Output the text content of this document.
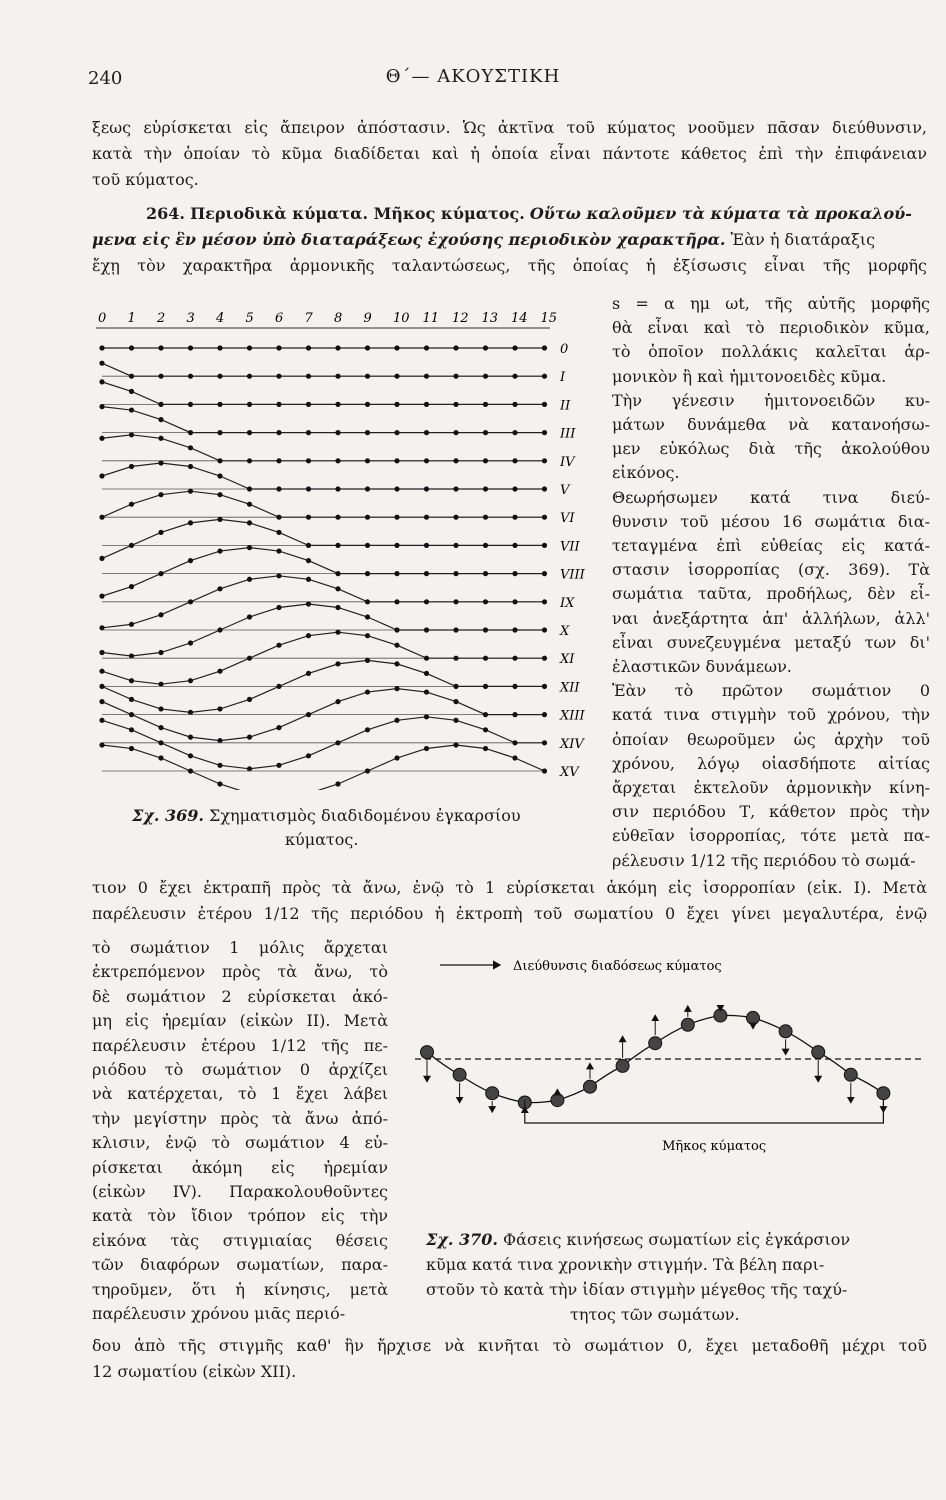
240	Θ΄— ΑΚΟΥΣΤΙΚΗ
ξεως εὑρίσκεται εἰς ἄπειρον ἀπόστασιν. Ὡς ἀκτῖνα τοῦ κύματος νοοῦμεν πᾶσαν διεύθυνσιν,
κατὰ τὴν ὁποίαν τὸ κῦμα διαδίδεται καὶ ἡ ὁποία εἶναι πάντοτε κάθετος ἐπὶ τὴν ἐπιφάνειαν
τοῦ κύματος.
264. Περιοδικὰ κύματα. Μῆκος κύματος. Οὕτω καλοῦμεν τὰ κύματα τὰ προκαλού-
μενα εἰς ἓν μέσον ὑπὸ διαταράξεως ἐχούσης περιοδικὸν χαρακτῆρα. Ἐὰν ἡ διατάραξις
ἔχῃ τὸν χαρακτῆρα ἁρμονικῆς ταλαντώσεως, τῆς ὁποίας ἡ ἐξίσωσις εἶναι τῆς μορφῆς
s = α ημ ωt, τῆς αὐτῆς μορφῆς
θὰ εἶναι καὶ τὸ περιοδικὸν κῦμα,
τὸ ὁποῖον πολλάκις καλεῖται ἁρ-
μονικὸν ἢ καὶ ἡμιτονοειδὲς κῦμα.
Τὴν γένεσιν ἡμιτονοειδῶν κυ-
μάτων δυνάμεθα νὰ κατανοήσω-
μεν εὐκόλως διὰ τῆς ἀκολούθου
εἰκόνος.
Θεωρήσωμεν κατά τινα διεύ-
θυνσιν τοῦ μέσου 16 σωμάτια δια-
τεταγμένα ἐπὶ εὐθείας εἰς κατά-
στασιν ἰσορροπίας (σχ. 369). Τὰ
σωμάτια ταῦτα, προδήλως, δὲν εἶ-
ναι ἀνεξάρτητα ἀπ' ἀλλήλων, ἀλλ'
εἶναι συνεζευγμένα μεταξύ των δι'
ἐλαστικῶν δυνάμεων.
Ἐὰν τὸ πρῶτον σωμάτιον 0
κατά τινα στιγμὴν τοῦ χρόνου, τὴν
ὁποίαν θεωροῦμεν ὡς ἀρχὴν τοῦ
χρόνου, λόγῳ οἱασδήποτε αἰτίας
ἄρχεται ἐκτελοῦν ἁρμονικὴν κίνη-
σιν περιόδου Τ, κάθετον πρὸς τὴν
εὐθεῖαν ἰσορροπίας, τότε μετὰ πα-
ρέλευσιν 1/12 τῆς περιόδου τὸ σωμά-
0 1 2 3 4 5 6 7 8 9 10 11 12 13 14 15
0
I
II
III
IV
V
VI
VII
VIII
IX
X
XI
XII
XIII
XIV
XV
Σχ. 369. Σχηματισμὸς διαδιδομένου ἐγκαρσίου
κύματος.
τιον 0 ἔχει ἐκτραπῆ πρὸς τὰ ἄνω, ἐνῷ τὸ 1 εὑρίσκεται ἀκόμη εἰς ἰσορροπίαν (εἰκ. I). Μετὰ
παρέλευσιν ἑτέρου 1/12 τῆς περιόδου ἡ ἐκτροπὴ τοῦ σωματίου 0 ἔχει γίνει μεγαλυτέρα, ἐνῷ
τὸ σωμάτιον 1 μόλις ἄρχεται
ἐκτρεπόμενον πρὸς τὰ ἄνω, τὸ
δὲ σωμάτιον 2 εὑρίσκεται ἀκό-
μη εἰς ἠρεμίαν (εἰκὼν II). Μετὰ
παρέλευσιν ἑτέρου 1/12 τῆς πε-
ριόδου τὸ σωμάτιον 0 ἀρχίζει
νὰ κατέρχεται, τὸ 1 ἔχει λάβει
τὴν μεγίστην πρὸς τὰ ἄνω ἀπό-
κλισιν, ἐνῷ τὸ σωμάτιον 4 εὑ-
ρίσκεται ἀκόμη εἰς ἠρεμίαν
(εἰκὼν IV). Παρακολουθοῦντες
κατὰ τὸν ἴδιον τρόπον εἰς τὴν
εἰκόνα τὰς στιγμιαίας θέσεις
τῶν διαφόρων σωματίων, παρα-
τηροῦμεν, ὅτι ἡ κίνησις, μετὰ
παρέλευσιν χρόνου μιᾶς περιό-
Διεύθυνσις διαδόσεως κύματος
Μῆκος κύματος
Σχ. 370. Φάσεις κινήσεως σωματίων εἰς ἐγκάρσιον
κῦμα κατά τινα χρονικὴν στιγμήν. Τὰ βέλη παρι-
στοῦν τὸ κατὰ τὴν ἰδίαν στιγμὴν μέγεθος τῆς ταχύ-
τητος τῶν σωμάτων.
δου ἀπὸ τῆς στιγμῆς καθ' ἣν ἤρχισε νὰ κινῆται τὸ σωμάτιον 0, ἔχει μεταδοθῆ μέχρι τοῦ
12 σωματίου (εἰκὼν XII).
